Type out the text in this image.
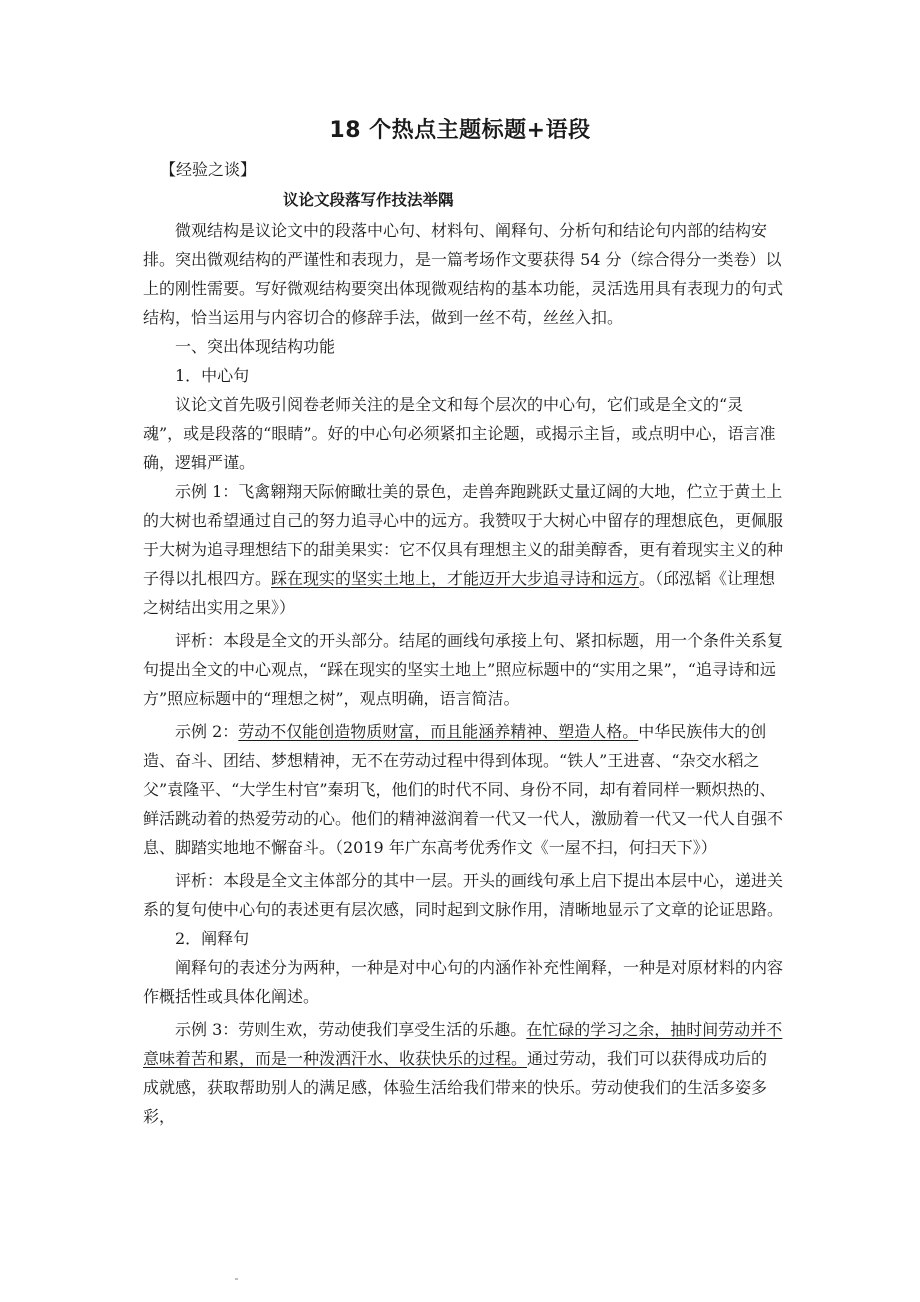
18 个热点主题标题+语段

【经验之谈】

议论文段落写作技法举隅

微观结构是议论文中的段落中心句、材料句、阐释句、分析句和结论句内部的结构安排。突出微观结构的严谨性和表现力，是一篇考场作文要获得 54 分（综合得分一类卷）以上的刚性需要。写好微观结构要突出体现微观结构的基本功能，灵活选用具有表现力的句式结构，恰当运用与内容切合的修辞手法，做到一丝不苟，丝丝入扣。

一、突出体现结构功能

1．中心句

议论文首先吸引阅卷老师关注的是全文和每个层次的中心句，它们或是全文的“灵魂”，或是段落的“眼睛”。好的中心句必须紧扣主论题，或揭示主旨，或点明中心，语言准确，逻辑严谨。

示例 1：飞禽翱翔天际俯瞰壮美的景色，走兽奔跑跳跃丈量辽阔的大地，伫立于黄土上的大树也希望通过自己的努力追寻心中的远方。我赞叹于大树心中留存的理想底色，更佩服于大树为追寻理想结下的甜美果实：它不仅具有理想主义的甜美醇香，更有着现实主义的种子得以扎根四方。踩在现实的坚实土地上，才能迈开大步追寻诗和远方。（邱泓韬《让理想之树结出实用之果》）

评析：本段是全文的开头部分。结尾的画线句承接上句、紧扣标题，用一个条件关系复句提出全文的中心观点，“踩在现实的坚实土地上”照应标题中的“实用之果”，“追寻诗和远方”照应标题中的“理想之树”，观点明确，语言简洁。

示例 2：劳动不仅能创造物质财富，而且能涵养精神、塑造人格。中华民族伟大的创造、奋斗、团结、梦想精神，无不在劳动过程中得到体现。“铁人”王进喜、“杂交水稻之父”袁隆平、“大学生村官”秦玥飞，他们的时代不同、身份不同，却有着同样一颗炽热的、鲜活跳动着的热爱劳动的心。他们的精神滋润着一代又一代人，激励着一代又一代人自强不息、脚踏实地地不懈奋斗。（2019 年广东高考优秀作文《一屋不扫，何扫天下》）

评析：本段是全文主体部分的其中一层。开头的画线句承上启下提出本层中心，递进关系的复句使中心句的表述更有层次感，同时起到文脉作用，清晰地显示了文章的论证思路。

2．阐释句

阐释句的表述分为两种，一种是对中心句的内涵作补充性阐释，一种是对原材料的内容作概括性或具体化阐述。

示例 3：劳则生欢，劳动使我们享受生活的乐趣。在忙碌的学习之余，抽时间劳动并不意味着苦和累，而是一种泼洒汗水、收获快乐的过程。通过劳动，我们可以获得成功后的成就感，获取帮助别人的满足感，体验生活给我们带来的快乐。劳动使我们的生活多姿多彩，
